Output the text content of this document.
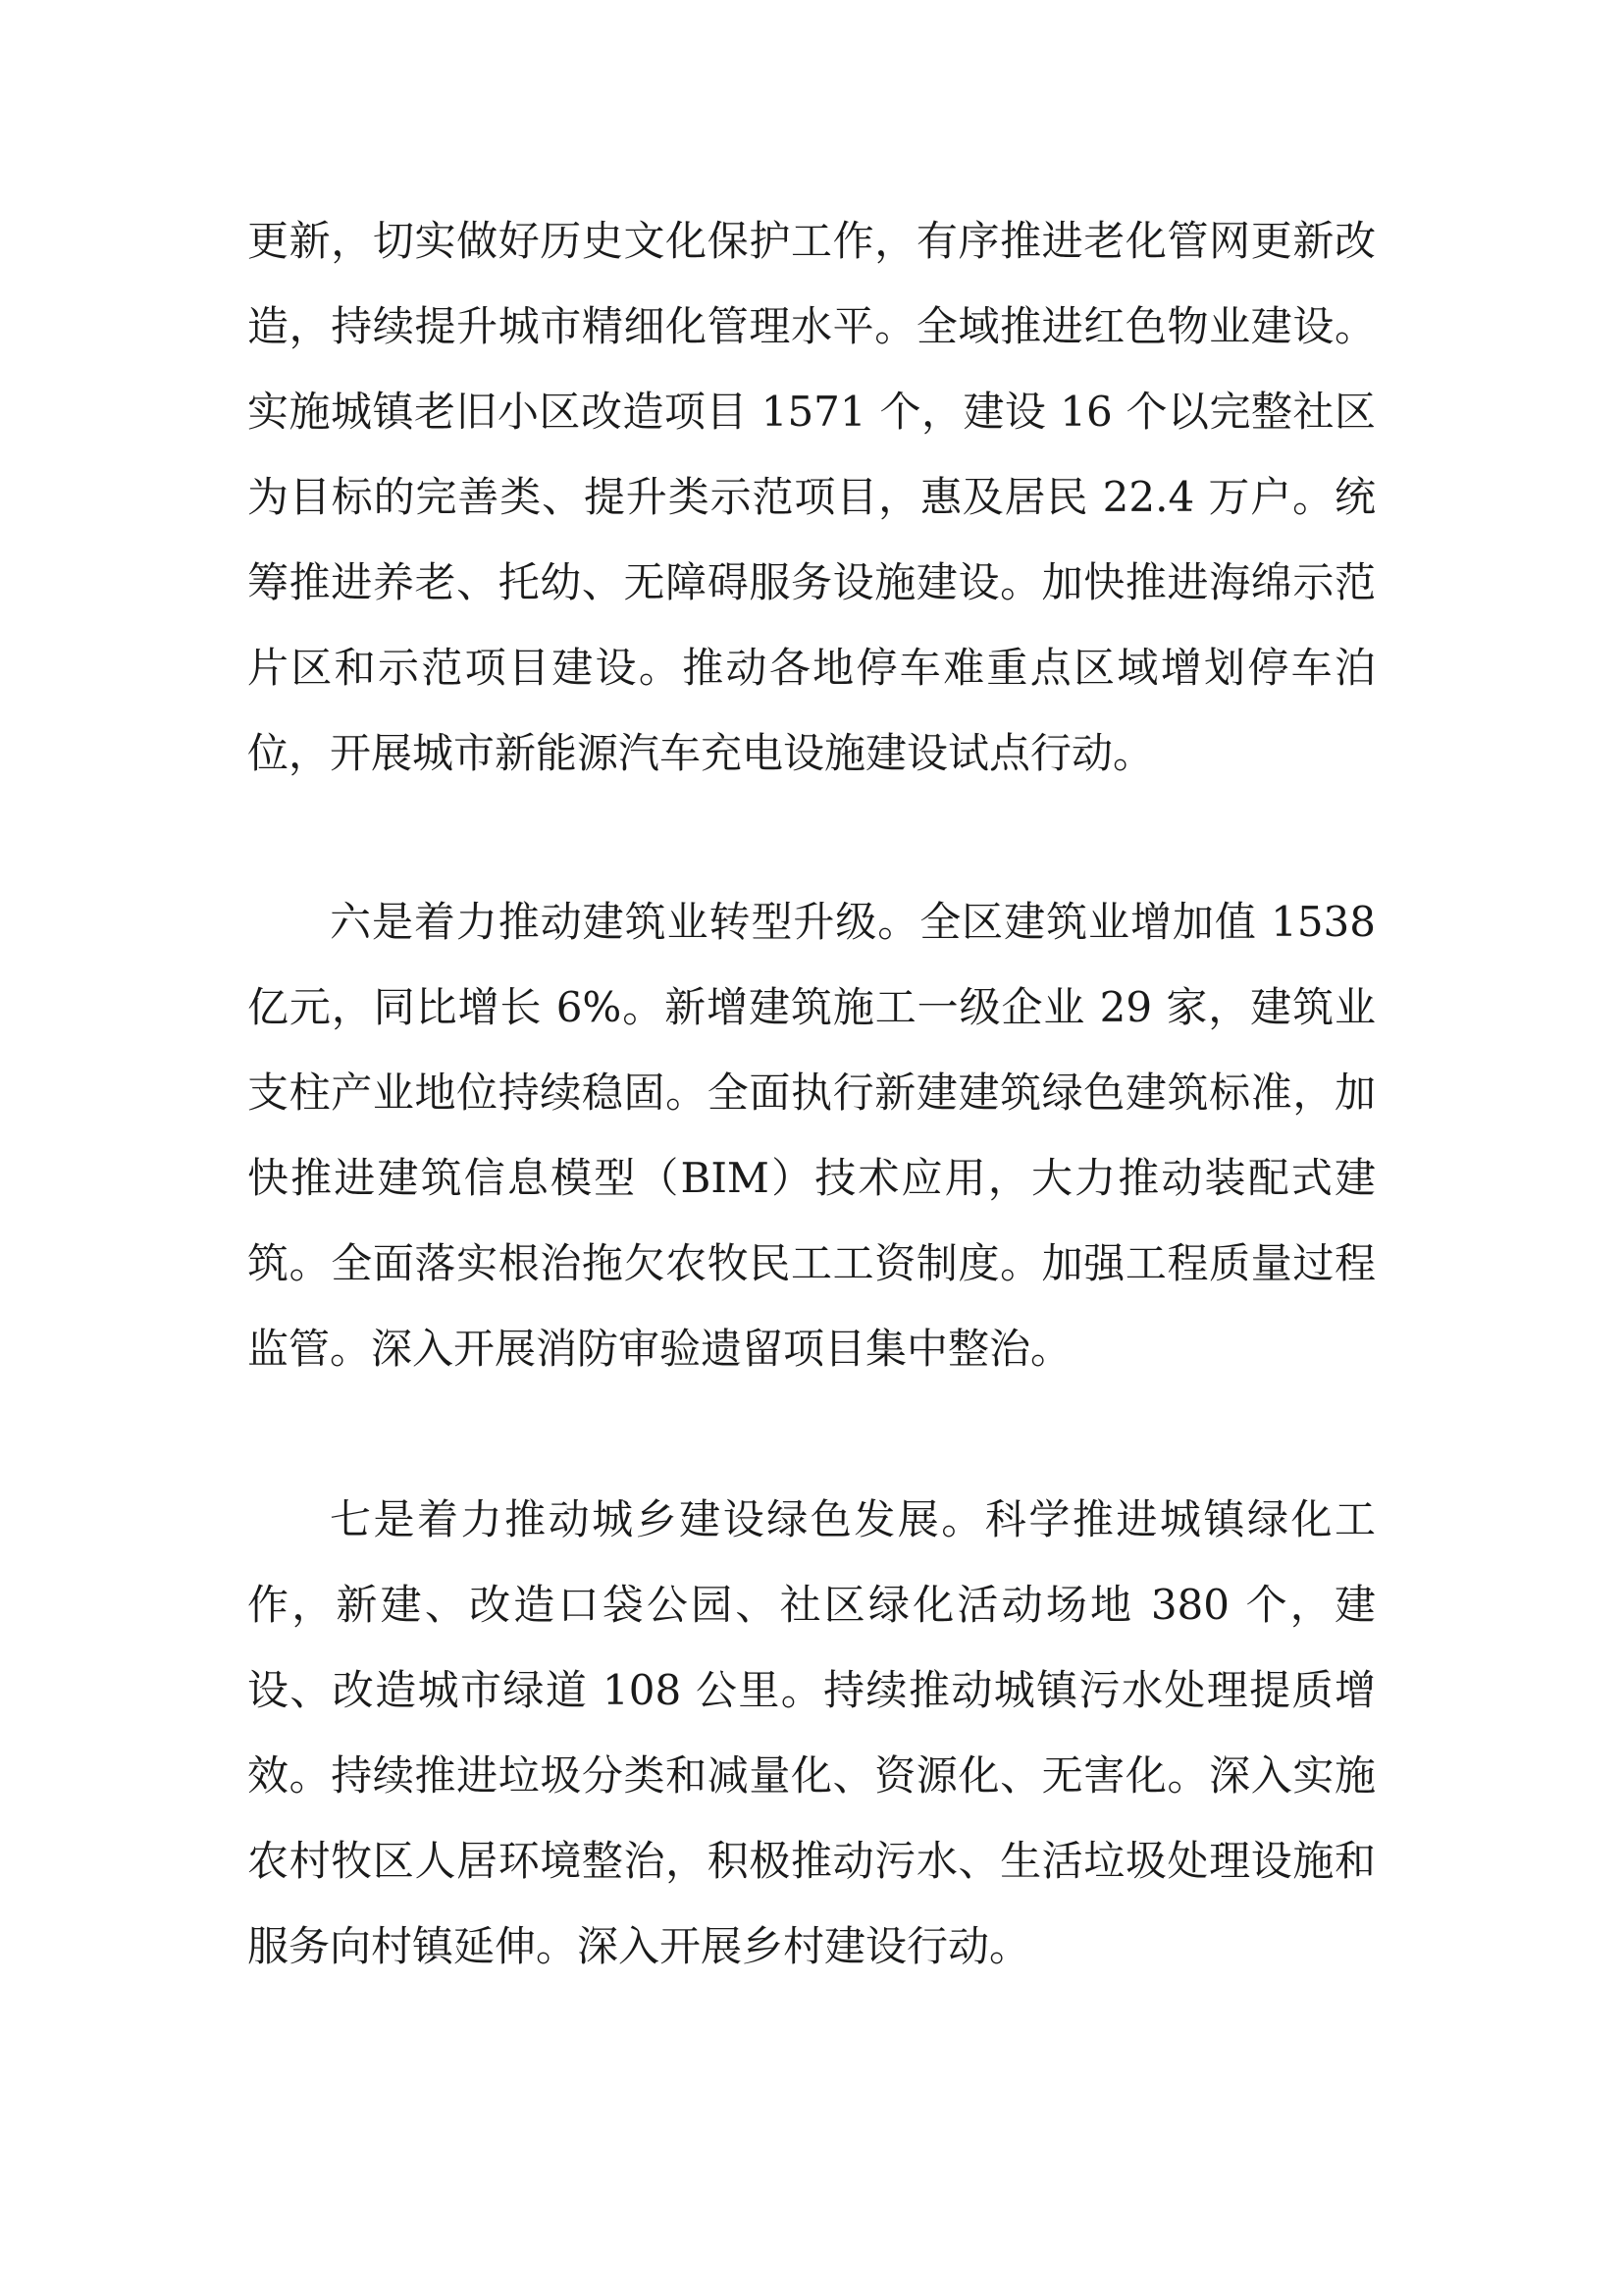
更新，切实做好历史文化保护工作，有序推进老化管网更新改造，持续提升城市精细化管理水平。全域推进红色物业建设。实施城镇老旧小区改造项目 1571 个，建设 16 个以完整社区为目标的完善类、提升类示范项目，惠及居民 22.4 万户。统筹推进养老、托幼、无障碍服务设施建设。加快推进海绵示范片区和示范项目建设。推动各地停车难重点区域增划停车泊位，开展城市新能源汽车充电设施建设试点行动。

六是着力推动建筑业转型升级。全区建筑业增加值 1538 亿元，同比增长 6%。新增建筑施工一级企业 29 家，建筑业支柱产业地位持续稳固。全面执行新建建筑绿色建筑标准，加快推进建筑信息模型（BIM）技术应用，大力推动装配式建筑。全面落实根治拖欠农牧民工工资制度。加强工程质量过程监管。深入开展消防审验遗留项目集中整治。

七是着力推动城乡建设绿色发展。科学推进城镇绿化工作，新建、改造口袋公园、社区绿化活动场地 380 个，建设、改造城市绿道 108 公里。持续推动城镇污水处理提质增效。持续推进垃圾分类和减量化、资源化、无害化。深入实施农村牧区人居环境整治，积极推动污水、生活垃圾处理设施和服务向村镇延伸。深入开展乡村建设行动。
